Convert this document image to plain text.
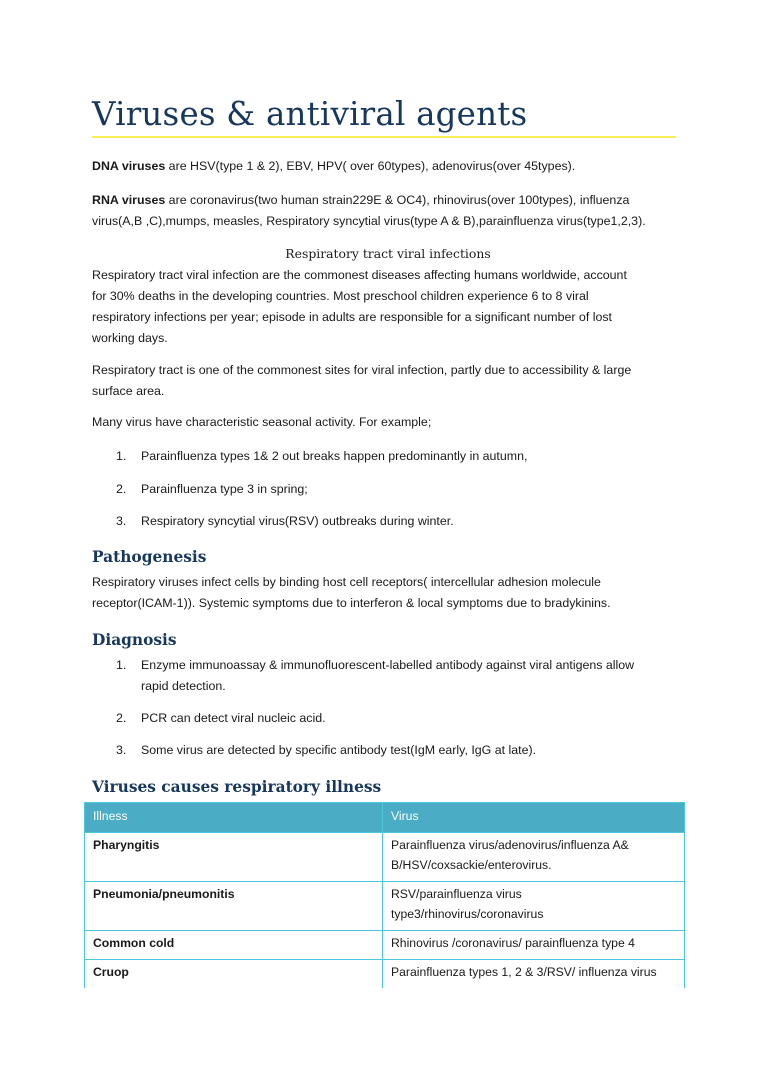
Viruses & antiviral agents

DNA viruses are HSV(type 1 & 2), EBV, HPV( over 60types), adenovirus(over 45types).

RNA viruses are coronavirus(two human strain229E & OC4), rhinovirus(over 100types), influenza
virus(A,B ,C),mumps, measles, Respiratory syncytial virus(type A & B),parainfluenza virus(type1,2,3).

Respiratory tract viral infections

Respiratory tract viral infection are the commonest diseases affecting humans worldwide, account
for 30% deaths in the developing countries. Most preschool children experience 6 to 8 viral
respiratory infections per year; episode in adults are responsible for a significant number of lost
working days.

Respiratory tract is one of the commonest sites for viral infection, partly due to accessibility & large
surface area.

Many virus have characteristic seasonal activity. For example;

1. Parainfluenza types 1& 2 out breaks happen predominantly in autumn,
2. Parainfluenza type 3 in spring;
3. Respiratory syncytial virus(RSV) outbreaks during winter.
Pathogenesis

Respiratory viruses infect cells by binding host cell receptors( intercellular adhesion molecule
receptor(ICAM-1)). Systemic symptoms due to interferon & local symptoms due to bradykinins.

Diagnosis
1. Enzyme immunoassay & immunofluorescent-labelled antibody against viral antigens allow
rapid detection.
2. PCR can detect viral nucleic acid.
3. Some virus are detected by specific antibody test(IgM early, IgG at late).
Viruses causes respiratory illness
Illness	Virus
Pharyngitis	Parainfluenza virus/adenovirus/influenza A&
B/HSV/coxsackie/enterovirus.
Pneumonia/pneumonitis	RSV/parainfluenza virus
type3/rhinovirus/coronavirus
Common cold	Rhinovirus /coronavirus/ parainfluenza type 4
Cruop	Parainfluenza types 1, 2 & 3/RSV/ influenza virus
